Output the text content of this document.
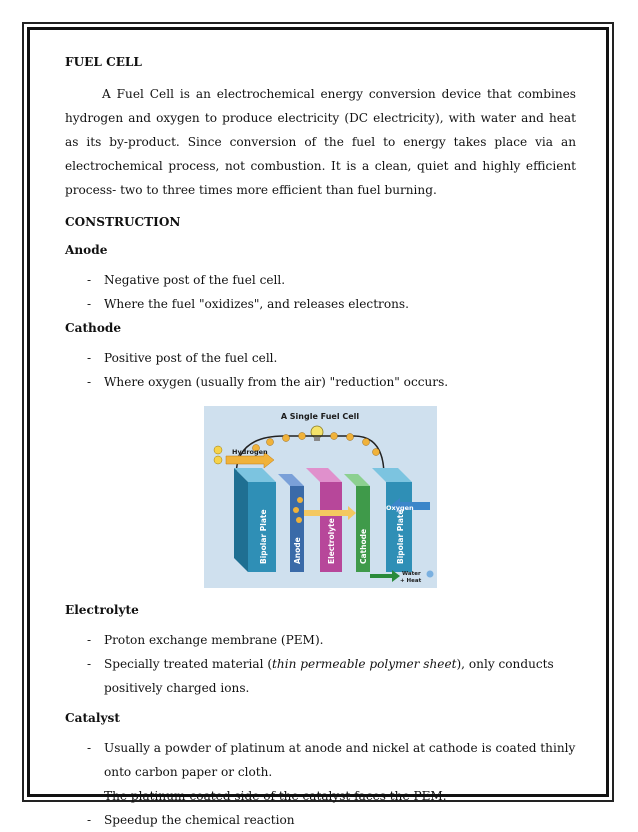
FUEL CELL

A Fuel Cell is an electrochemical energy conversion device that combines hydrogen and oxygen to produce electricity (DC electricity), with water and heat as its by-product. Since conversion of the fuel to energy takes place via an electrochemical process, not combustion. It is a clean, quiet and highly efficient process- two to three times more efficient than fuel burning.

CONSTRUCTION
Anode
- Negative post of the fuel cell.
- Where the fuel "oxidizes", and releases electrons.
Cathode
- Positive post of the fuel cell.
- Where oxygen (usually from the air) "reduction" occurs.
A Single Fuel Cell
Hydrogen
Oxygen
Bipolar Plate	Anode	Electrolyte	Cathode	Bipolar Plate
Water
+ Heat
Electrolyte
- Proton exchange membrane (PEM).
- Specially treated material (thin permeable polymer sheet), only conducts positively charged ions.
Catalyst
- Usually a powder of platinum at anode and nickel at cathode is coated thinly onto carbon paper or cloth.
- The platinum-coated side of the catalyst faces the PEM.
- Speedup the chemical reaction
